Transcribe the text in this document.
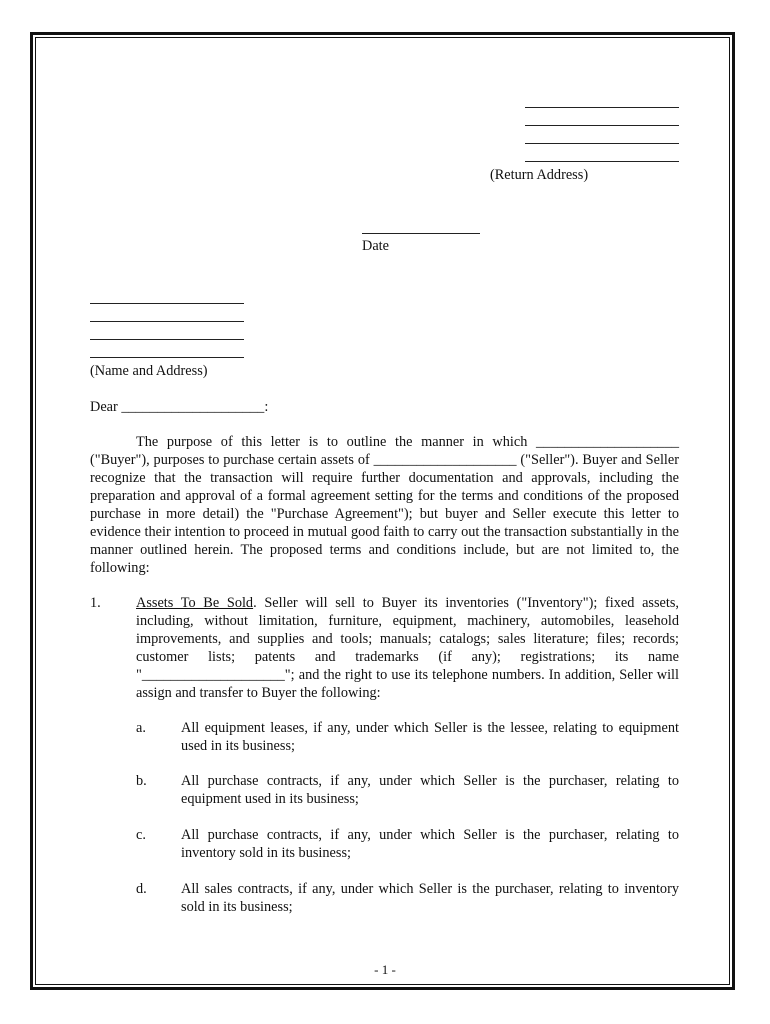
(Return Address)
Date
(Name and Address)
Dear ____________________:
The purpose of this letter is to outline the manner in which ____________________ ("Buyer"), purposes to purchase certain assets of ____________________ ("Seller"). Buyer and Seller recognize that the transaction will require further documentation and approvals, including the preparation and approval of a formal agreement setting for the terms and conditions of the proposed purchase in more detail) the "Purchase Agreement"); but buyer and Seller execute this letter to evidence their intention to proceed in mutual good faith to carry out the transaction substantially in the manner outlined herein. The proposed terms and conditions include, but are not limited to, the following:
1. Assets To Be Sold. Seller will sell to Buyer its inventories ("Inventory"); fixed assets, including, without limitation, furniture, equipment, machinery, automobiles, leasehold improvements, and supplies and tools; manuals; catalogs; sales literature; files; records; customer lists; patents and trademarks (if any); registrations; its name "____________________"; and the right to use its telephone numbers. In addition, Seller will assign and transfer to Buyer the following:
a. All equipment leases, if any, under which Seller is the lessee, relating to equipment used in its business;
b. All purchase contracts, if any, under which Seller is the purchaser, relating to equipment used in its business;
c. All purchase contracts, if any, under which Seller is the purchaser, relating to inventory sold in its business;
d. All sales contracts, if any, under which Seller is the purchaser, relating to inventory sold in its business;
- 1 -
